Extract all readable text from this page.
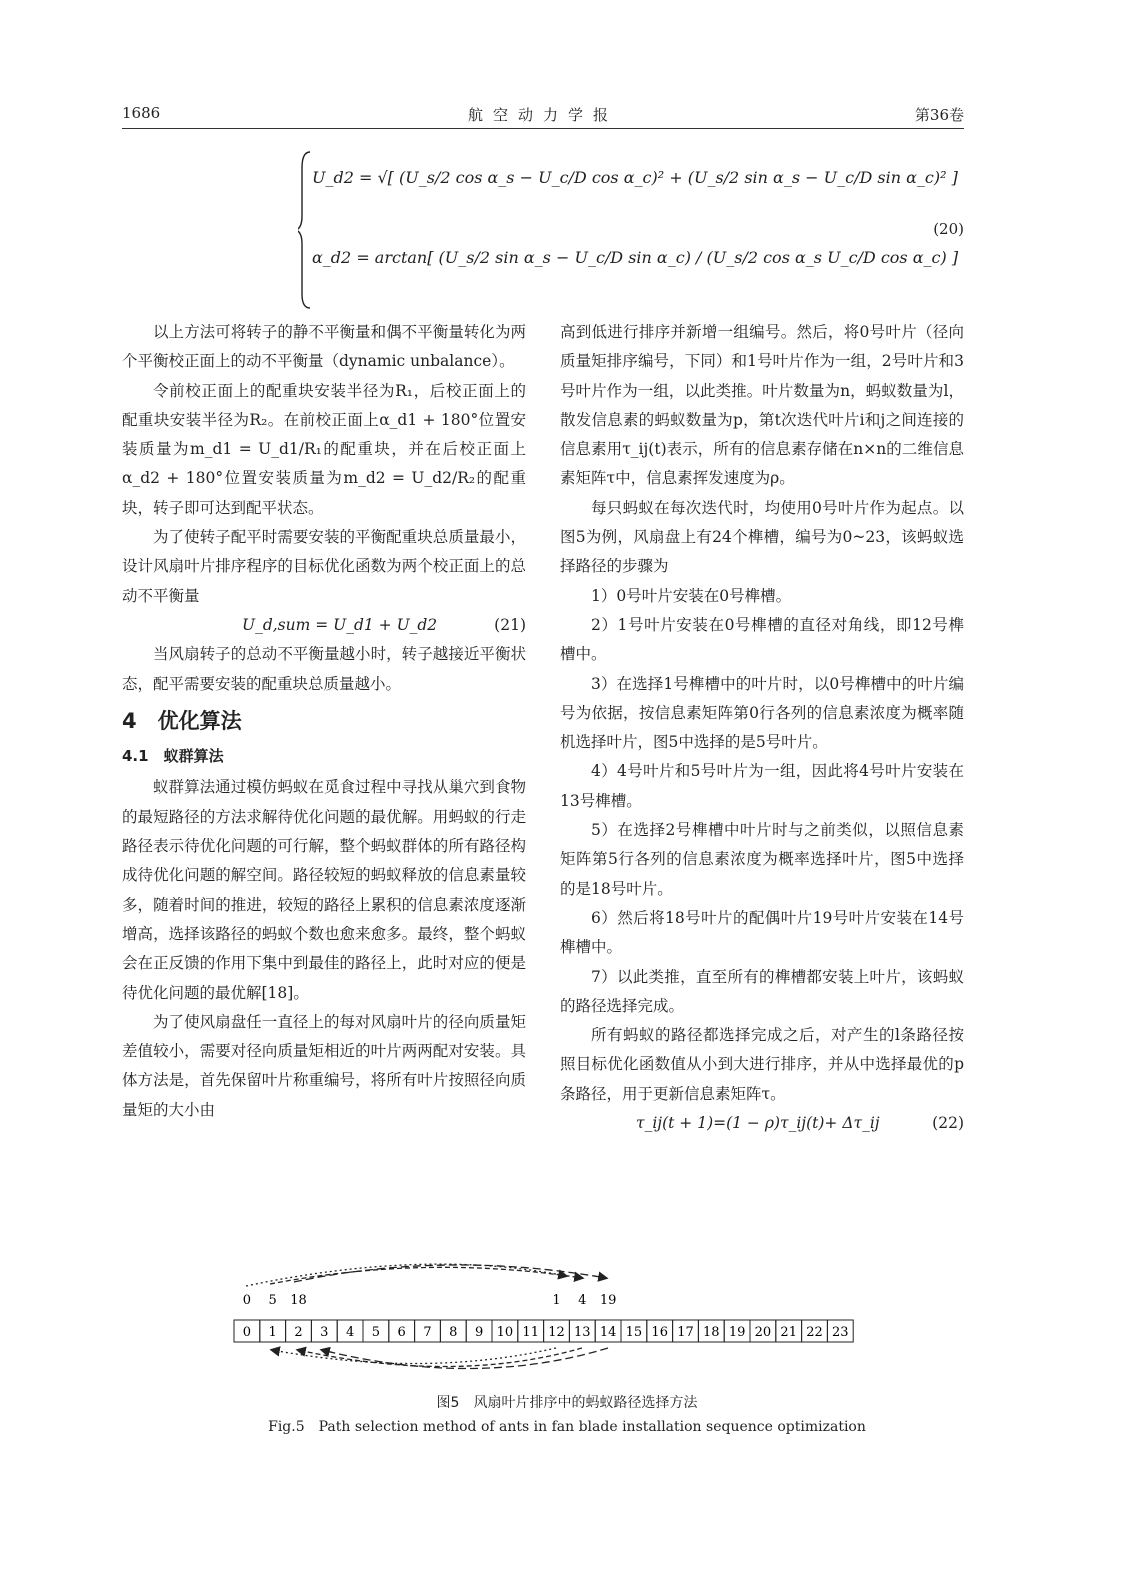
1686	航空动力学报	第36卷
U_d2 = √[ (U_s/2 cos α_s − U_c/D cos α_c)² + (U_s/2 sin α_s − U_c/D sin α_c)² ]
α_d2 = arctan[ (U_s/2 sin α_s − U_c/D sin α_c) / (U_s/2 cos α_s U_c/D cos α_c) ]
(20)

以上方法可将转子的静不平衡量和偶不平衡量转化为两个平衡校正面上的动不平衡量（dynamic unbalance）。

令前校正面上的配重块安装半径为R₁，后校正面上的配重块安装半径为R₂。在前校正面上α_d1 + 180°位置安装质量为m_d1 = U_d1/R₁的配重块，并在后校正面上α_d2 + 180°位置安装质量为m_d2 = U_d2/R₂的配重块，转子即可达到配平状态。

为了使转子配平时需要安装的平衡配重块总质量最小，设计风扇叶片排序程序的目标优化函数为两个校正面上的总动不平衡量

U_d,sum = U_d1 + U_d2	(21)

当风扇转子的总动不平衡量越小时，转子越接近平衡状态，配平需要安装的配重块总质量越小。

4　优化算法
4.1　蚁群算法

蚁群算法通过模仿蚂蚁在觅食过程中寻找从巢穴到食物的最短路径的方法求解待优化问题的最优解。用蚂蚁的行走路径表示待优化问题的可行解，整个蚂蚁群体的所有路径构成待优化问题的解空间。路径较短的蚂蚁释放的信息素量较多，随着时间的推进，较短的路径上累积的信息素浓度逐渐增高，选择该路径的蚂蚁个数也愈来愈多。最终，整个蚂蚁会在正反馈的作用下集中到最佳的路径上，此时对应的便是待优化问题的最优解[18]。

为了使风扇盘任一直径上的每对风扇叶片的径向质量矩差值较小，需要对径向质量矩相近的叶片两两配对安装。具体方法是，首先保留叶片称重编号，将所有叶片按照径向质量矩的大小由

高到低进行排序并新增一组编号。然后，将0号叶片（径向质量矩排序编号，下同）和1号叶片作为一组，2号叶片和3号叶片作为一组，以此类推。叶片数量为n，蚂蚁数量为l，散发信息素的蚂蚁数量为p，第t次迭代叶片i和j之间连接的信息素用τ_ij(t)表示，所有的信息素存储在n×n的二维信息素矩阵τ中，信息素挥发速度为ρ。

每只蚂蚁在每次迭代时，均使用0号叶片作为起点。以图5为例，风扇盘上有24个榫槽，编号为0~23，该蚂蚁选择路径的步骤为

1）0号叶片安装在0号榫槽。

2）1号叶片安装在0号榫槽的直径对角线，即12号榫槽中。

3）在选择1号榫槽中的叶片时，以0号榫槽中的叶片编号为依据，按信息素矩阵第0行各列的信息素浓度为概率随机选择叶片，图5中选择的是5号叶片。

4）4号叶片和5号叶片为一组，因此将4号叶片安装在13号榫槽。

5）在选择2号榫槽中叶片时与之前类似，以照信息素矩阵第5行各列的信息素浓度为概率选择叶片，图5中选择的是18号叶片。

6）然后将18号叶片的配偶叶片19号叶片安装在14号榫槽中。

7）以此类推，直至所有的榫槽都安装上叶片，该蚂蚁的路径选择完成。

所有蚂蚁的路径都选择完成之后，对产生的l条路径按照目标优化函数值从小到大进行排序，并从中选择最优的p条路径，用于更新信息素矩阵τ。

τ_ij(t + 1)=(1 − ρ)τ_ij(t)+ Δτ_ij	(22)
0 5 18	1 4 19
0 1 2 3 4 5 6 7 8 9 10 11 12 13 14 15 16 17 18 19 20 21 22 23
图5　风扇叶片排序中的蚂蚁路径选择方法
Fig.5　Path selection method of ants in fan blade installation sequence optimization
